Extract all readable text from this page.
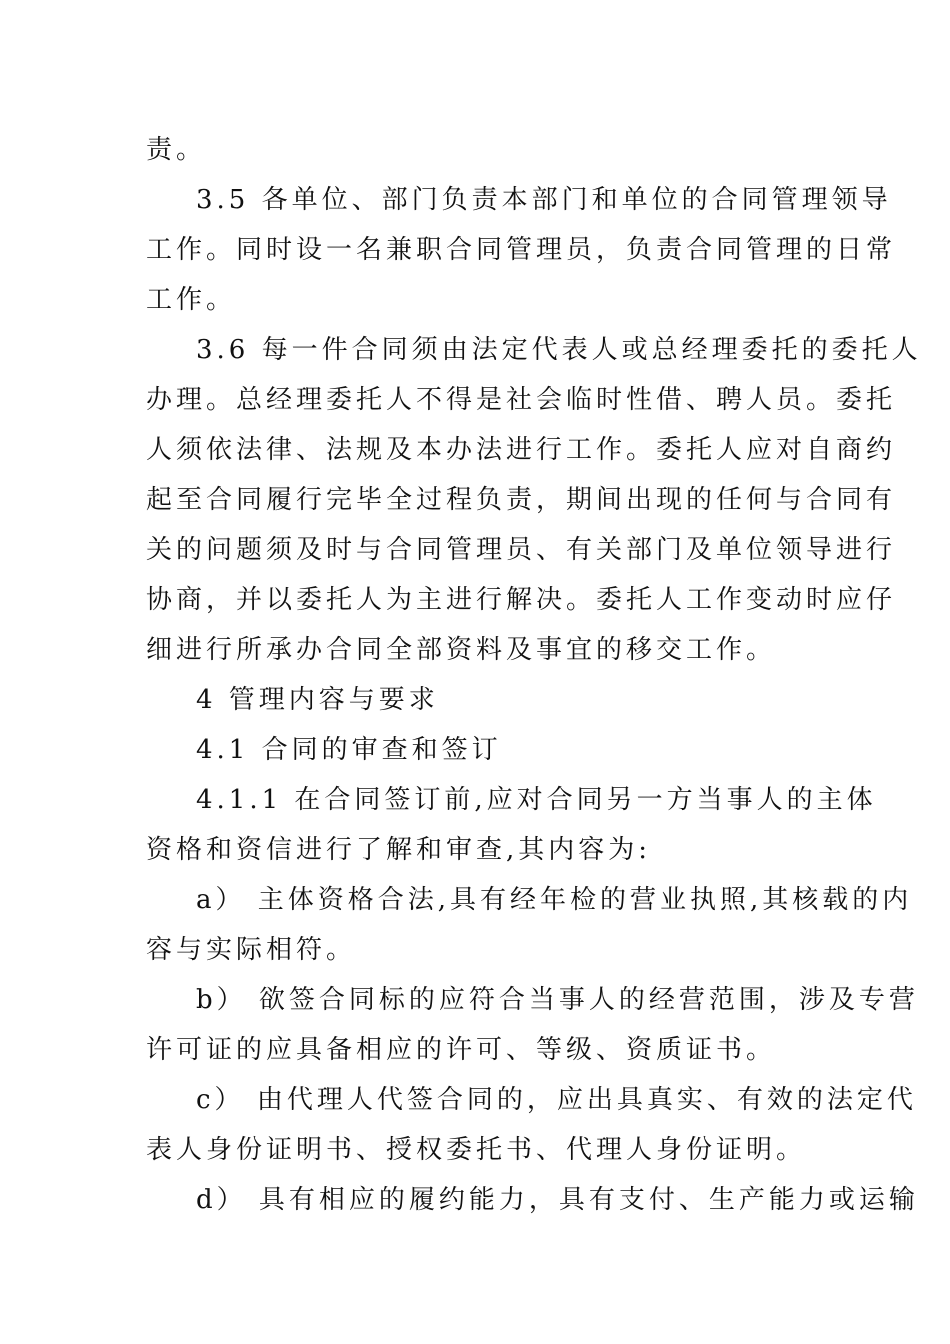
责。
3.5 各单位、部门负责本部门和单位的合同管理领导
工作。同时设一名兼职合同管理员，负责合同管理的日常
工作。
3.6 每一件合同须由法定代表人或总经理委托的委托人
办理。总经理委托人不得是社会临时性借、聘人员。委托
人须依法律、法规及本办法进行工作。委托人应对自商约
起至合同履行完毕全过程负责，期间出现的任何与合同有
关的问题须及时与合同管理员、有关部门及单位领导进行
协商，并以委托人为主进行解决。委托人工作变动时应仔
细进行所承办合同全部资料及事宜的移交工作。
4 管理内容与要求
4.1 合同的审查和签订
4.1.1 在合同签订前,应对合同另一方当事人的主体
资格和资信进行了解和审查,其内容为:
a） 主体资格合法,具有经年检的营业执照,其核载的内
容与实际相符。
b） 欲签合同标的应符合当事人的经营范围，涉及专营
许可证的应具备相应的许可、等级、资质证书。
c） 由代理人代签合同的，应出具真实、有效的法定代
表人身份证明书、授权委托书、代理人身份证明。
d） 具有相应的履约能力，具有支付、生产能力或运输
